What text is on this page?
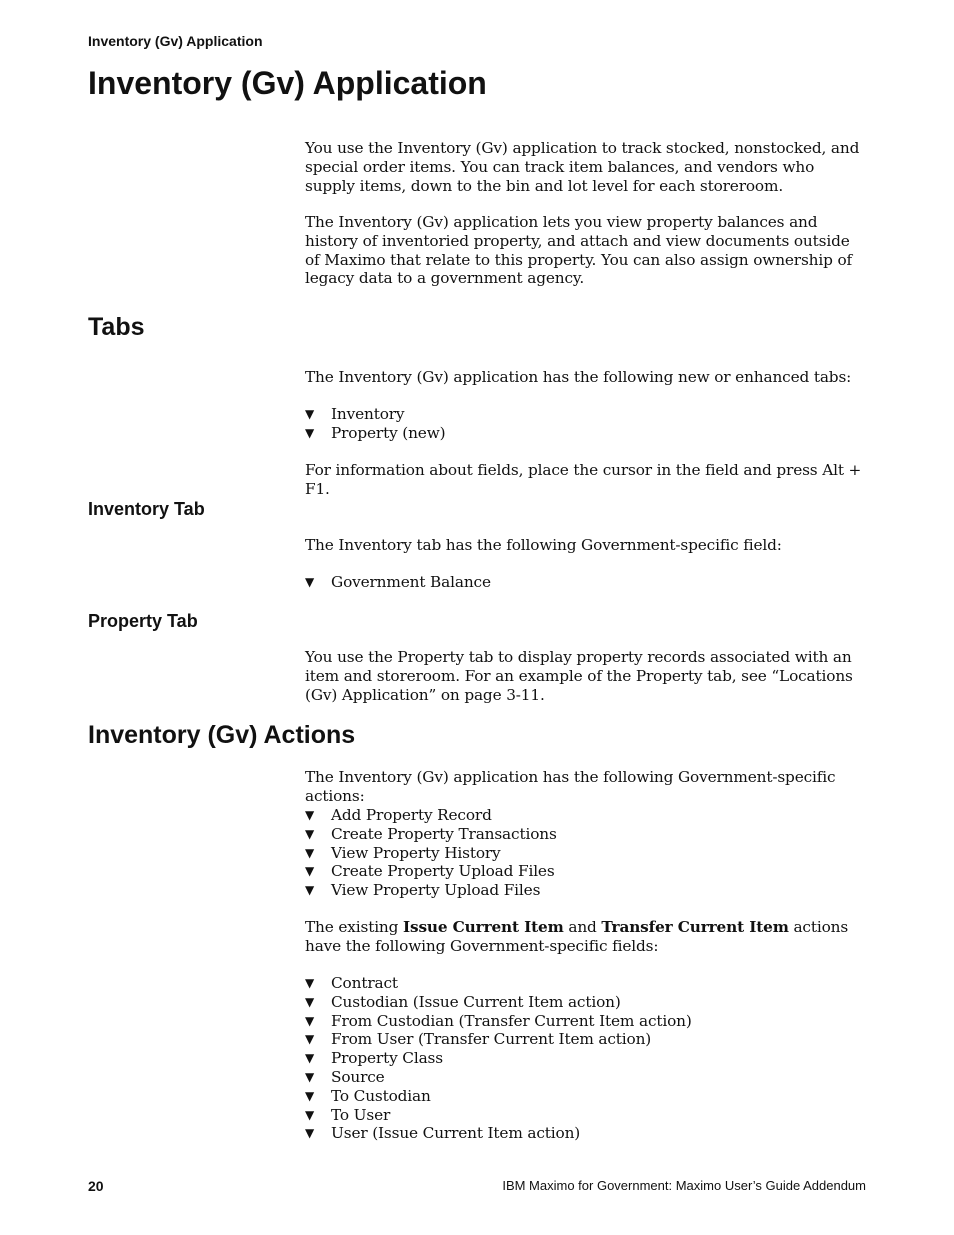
Inventory (Gv) Application
Inventory (Gv) Application

You use the Inventory (Gv) application to track stocked, nonstocked, and special order items. You can track item balances, and vendors who supply items, down to the bin and lot level for each storeroom.

The Inventory (Gv) application lets you view property balances and history of inventoried property, and attach and view documents outside of Maximo that relate to this property. You can also assign ownership of legacy data to a government agency.

Tabs

The Inventory (Gv) application has the following new or enhanced tabs:

▼ Inventory
▼ Property (new)

For information about fields, place the cursor in the field and press Alt + F1.

Inventory Tab

The Inventory tab has the following Government-specific field:

▼ Government Balance
Property Tab

You use the Property tab to display property records associated with an item and storeroom. For an example of the Property tab, see “Locations (Gv) Application” on page 3-11.

Inventory (Gv) Actions

The Inventory (Gv) application has the following Government-specific actions:

▼ Add Property Record
▼ Create Property Transactions
▼ View Property History
▼ Create Property Upload Files
▼ View Property Upload Files

The existing Issue Current Item and Transfer Current Item actions have the following Government-specific fields:

▼ Contract
▼ Custodian (Issue Current Item action)
▼ From Custodian (Transfer Current Item action)
▼ From User (Transfer Current Item action)
▼ Property Class
▼ Source
▼ To Custodian
▼ To User
▼ User (Issue Current Item action)
20	IBM Maximo for Government: Maximo User’s Guide Addendum
